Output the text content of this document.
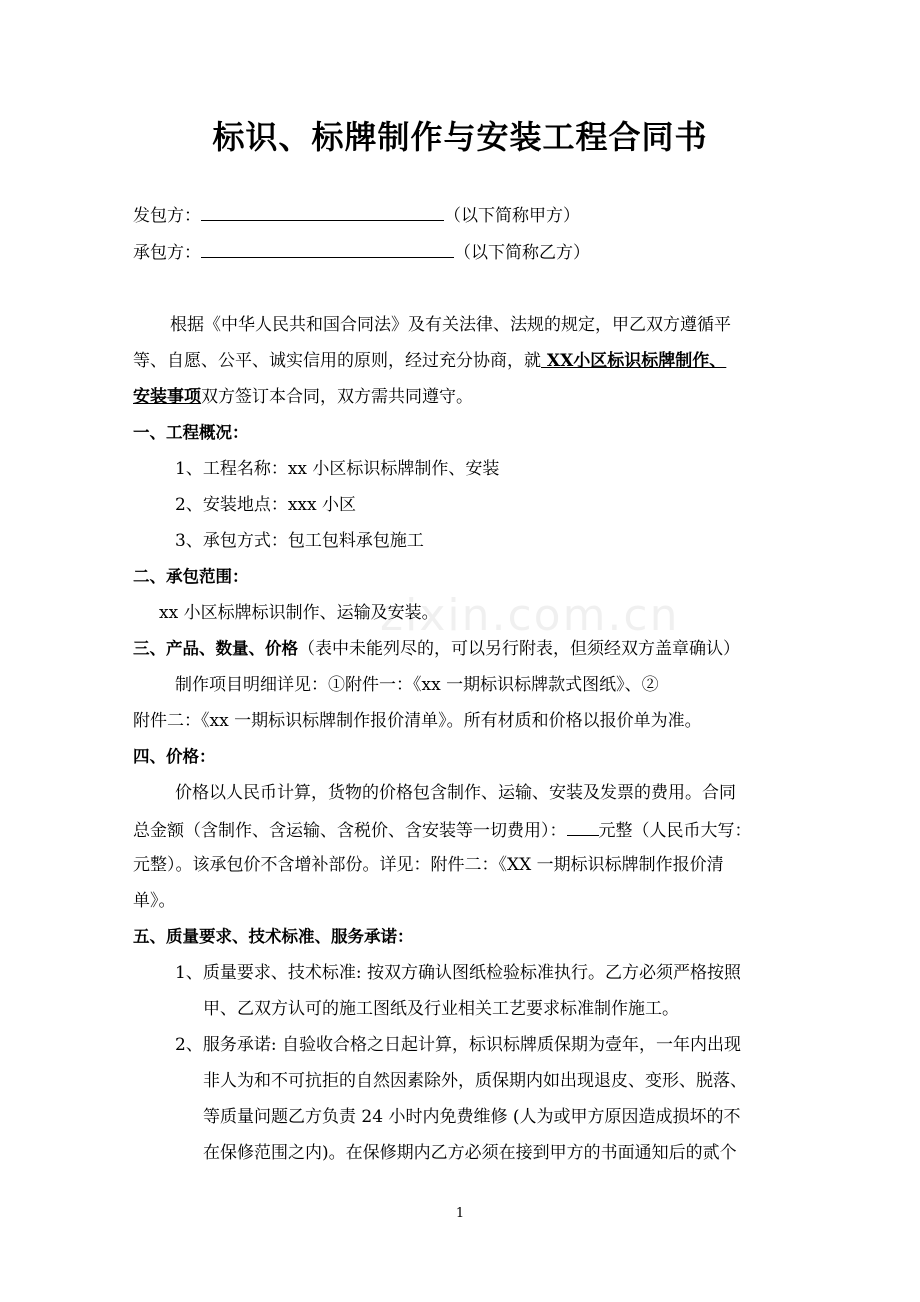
zixin.com.cn
标识、标牌制作与安装工程合同书
发包方：	（以下简称甲方）
承包方：	（以下简称乙方）
根据《中华人民共和国合同法》及有关法律、法规的规定，甲乙双方遵循平
等、自愿、公平、诚实信用的原则，经过充分协商，就 XX小区标识标牌制作、
安装事项双方签订本合同，双方需共同遵守。
一、工程概况：
1、工程名称：xx 小区标识标牌制作、安装
2、安装地点：xxx 小区
3、承包方式：包工包料承包施工
二、承包范围：
xx 小区标牌标识制作、运输及安装。
三、产品、数量、价格（表中未能列尽的，可以另行附表，但须经双方盖章确认）
制作项目明细详见：①附件一：《xx 一期标识标牌款式图纸》、②
附件二：《xx 一期标识标牌制作报价清单》。所有材质和价格以报价单为准。
四、价格：
价格以人民币计算，货物的价格包含制作、运输、安装及发票的费用。合同
总金额（含制作、含运输、含税价、含安装等一切费用）： 元整（人民币大写：
元整）。该承包价不含增补部份。详见：附件二：《XX 一期标识标牌制作报价清
单》。
五、质量要求、技术标准、服务承诺：
1、质量要求、技术标准: 按双方确认图纸检验标准执行。乙方必须严格按照
甲、乙双方认可的施工图纸及行业相关工艺要求标准制作施工。
2、服务承诺: 自验收合格之日起计算，标识标牌质保期为壹年，一年内出现
非人为和不可抗拒的自然因素除外，质保期内如出现退皮、变形、脱落、
等质量问题乙方负责 24 小时内免费维修 (人为或甲方原因造成损坏的不
在保修范围之内)。在保修期内乙方必须在接到甲方的书面通知后的贰个
1
